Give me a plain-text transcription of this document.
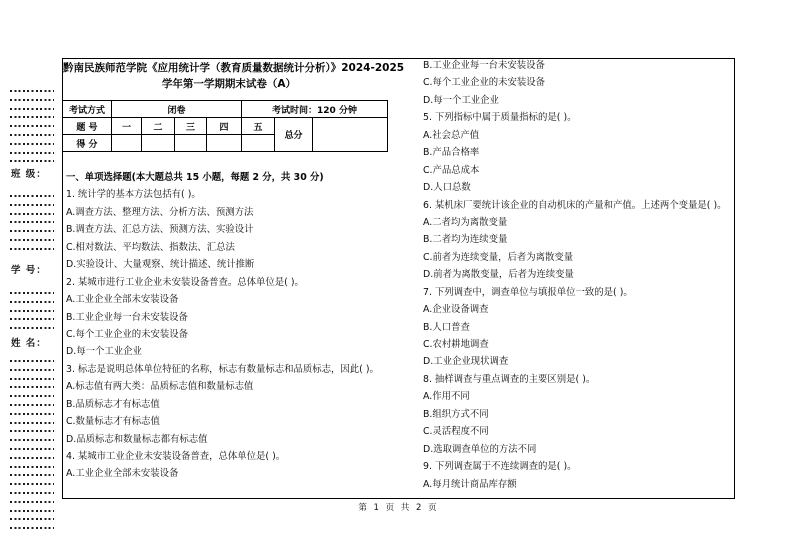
班 级：
学 号：
姓 名：
黔南民族师范学院《应用统计学（教育质量数据统计分析）》2024-2025
学年第一学期期末试卷（A）
考试方式	闭卷				考试时间：120 分钟		
题 号	一	二	三	四	五	总分	
得 分							
一、单项选择题(本大题总共 15 小题，每题 2 分，共 30 分)
1. 统计学的基本方法包括有( )。
A.调查方法、整理方法、分析方法、预测方法
B.调查方法、汇总方法、预测方法、实验设计
C.相对数法、平均数法、指数法、汇总法
D.实验设计、大量观察、统计描述、统计推断
2. 某城市进行工业企业未安装设备普查。总体单位是( )。
A.工业企业全部未安装设备
B.工业企业每一台未安装设备
C.每个工业企业的未安装设备
D.每一个工业企业
3. 标志是说明总体单位特征的名称，标志有数量标志和品质标志，因此( )。
A.标志值有两大类：品质标志值和数量标志值
B.品质标志才有标志值
C.数量标志才有标志值
D.品质标志和数量标志都有标志值
4. 某城市工业企业未安装设备普查，总体单位是( )。
A.工业企业全部未安装设备
B.工业企业每一台未安装设备
C.每个工业企业的未安装设备
D.每一个工业企业
5. 下列指标中属于质量指标的是( )。
A.社会总产值
B.产品合格率
C.产品总成本
D.人口总数
6. 某机床厂要统计该企业的自动机床的产量和产值。上述两个变量是( )。
A.二者均为离散变量
B.二者均为连续变量
C.前者为连续变量，后者为离散变量
D.前者为离散变量，后者为连续变量
7. 下列调查中，调查单位与填报单位一致的是( )。
A.企业设备调查
B.人口普查
C.农村耕地调查
D.工业企业现状调查
8. 抽样调查与重点调查的主要区别是( )。
A.作用不同
B.组织方式不同
C.灵活程度不同
D.选取调查单位的方法不同
9. 下列调查属于不连续调查的是( )。
A.每月统计商品库存额
第 1 页 共 2 页
